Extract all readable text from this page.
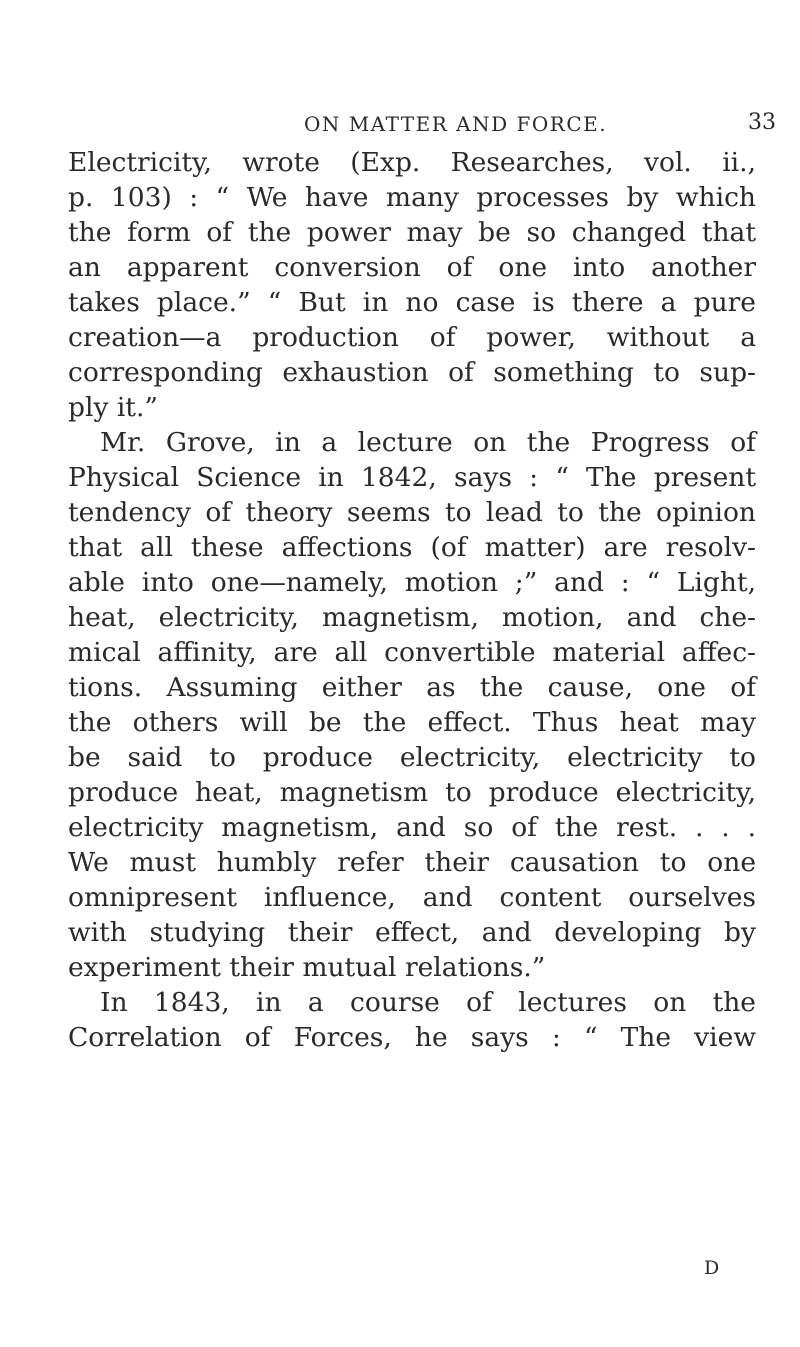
ON MATTER AND FORCE.	33
Electricity, wrote (Exp. Researches, vol. ii.,
p. 103) : “ We have many processes by which
the form of the power may be so changed that
an apparent conversion of one into another
takes place.” “ But in no case is there a pure
creation—a production of power, without a
corresponding exhaustion of something to sup-
ply it.”
Mr. Grove, in a lecture on the Progress of
Physical Science in 1842, says : “ The present
tendency of theory seems to lead to the opinion
that all these affections (of matter) are resolv-
able into one—namely, motion ;” and : “ Light,
heat, electricity, magnetism, motion, and che-
mical affinity, are all convertible material affec-
tions. Assuming either as the cause, one of
the others will be the effect. Thus heat may
be said to produce electricity, electricity to
produce heat, magnetism to produce electricity,
electricity magnetism, and so of the rest. . . .
We must humbly refer their causation to one
omnipresent influence, and content ourselves
with studying their effect, and developing by
experiment their mutual relations.”
In 1843, in a course of lectures on the
Correlation of Forces, he says : “ The view
D
